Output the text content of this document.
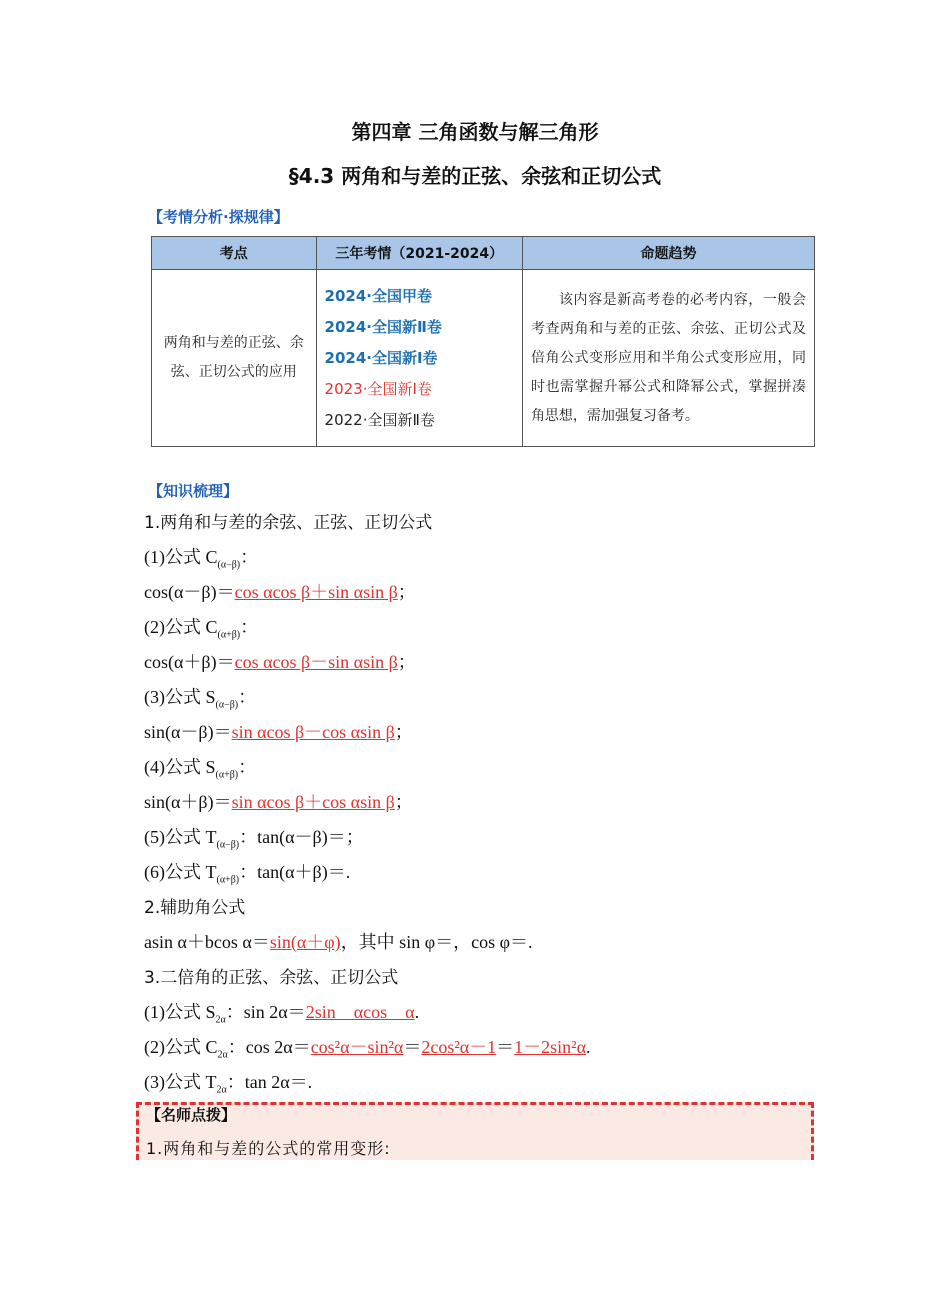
第四章 三角函数与解三角形
§4.3 两角和与差的正弦、余弦和正切公式
【考情分析·探规律】
考点	三年考情（2021-2024）	命题趋势
两角和与差的正弦、余弦、正切公式的应用	2024·全国甲卷
2024·全国新Ⅱ卷
2024·全国新Ⅰ卷
2023·全国新Ⅰ卷
2022·全国新Ⅱ卷	该内容是新高考卷的必考内容，一般会考查两角和与差的正弦、余弦、正切公式及倍角公式变形应用和半角公式变形应用，同时也需掌握升幂公式和降幂公式，掌握拼凑角思想，需加强复习备考。
【知识梳理】
1.两角和与差的余弦、正弦、正切公式
(1)公式 $C_{(\alpha-\beta)}$：
cos(α－β)＝cos αcos β＋sin αsin β；
(2)公式 $C_{(\alpha+\beta)}$：
cos(α＋β)＝cos αcos β－sin αsin β；
(3)公式 $S_{(\alpha-\beta)}$：
sin(α－β)＝sin αcos β－cos αsin β；
(4)公式 $S_{(\alpha+\beta)}$：
sin(α＋β)＝sin αcos β＋cos αsin β；
(5)公式 $T_{(\alpha-\beta)}$：tan(α－β)＝；
(6)公式 $T_{(\alpha+\beta)}$：tan(α＋β)＝.
2.辅助角公式
asin α＋bcos α＝sin(α＋φ)，其中 sin φ＝，cos φ＝.
3.二倍角的正弦、余弦、正切公式
(1)公式 $S_{2\alpha}$：sin 2α＝2sin　αcos　α.
(2)公式 $C_{2\alpha}$：cos 2α＝cos²α－sin²α＝2cos²α－1＝1－2sin²α.
(3)公式 $T_{2\alpha}$：tan 2α＝.
【名师点拨】
1.两角和与差的公式的常用变形:
